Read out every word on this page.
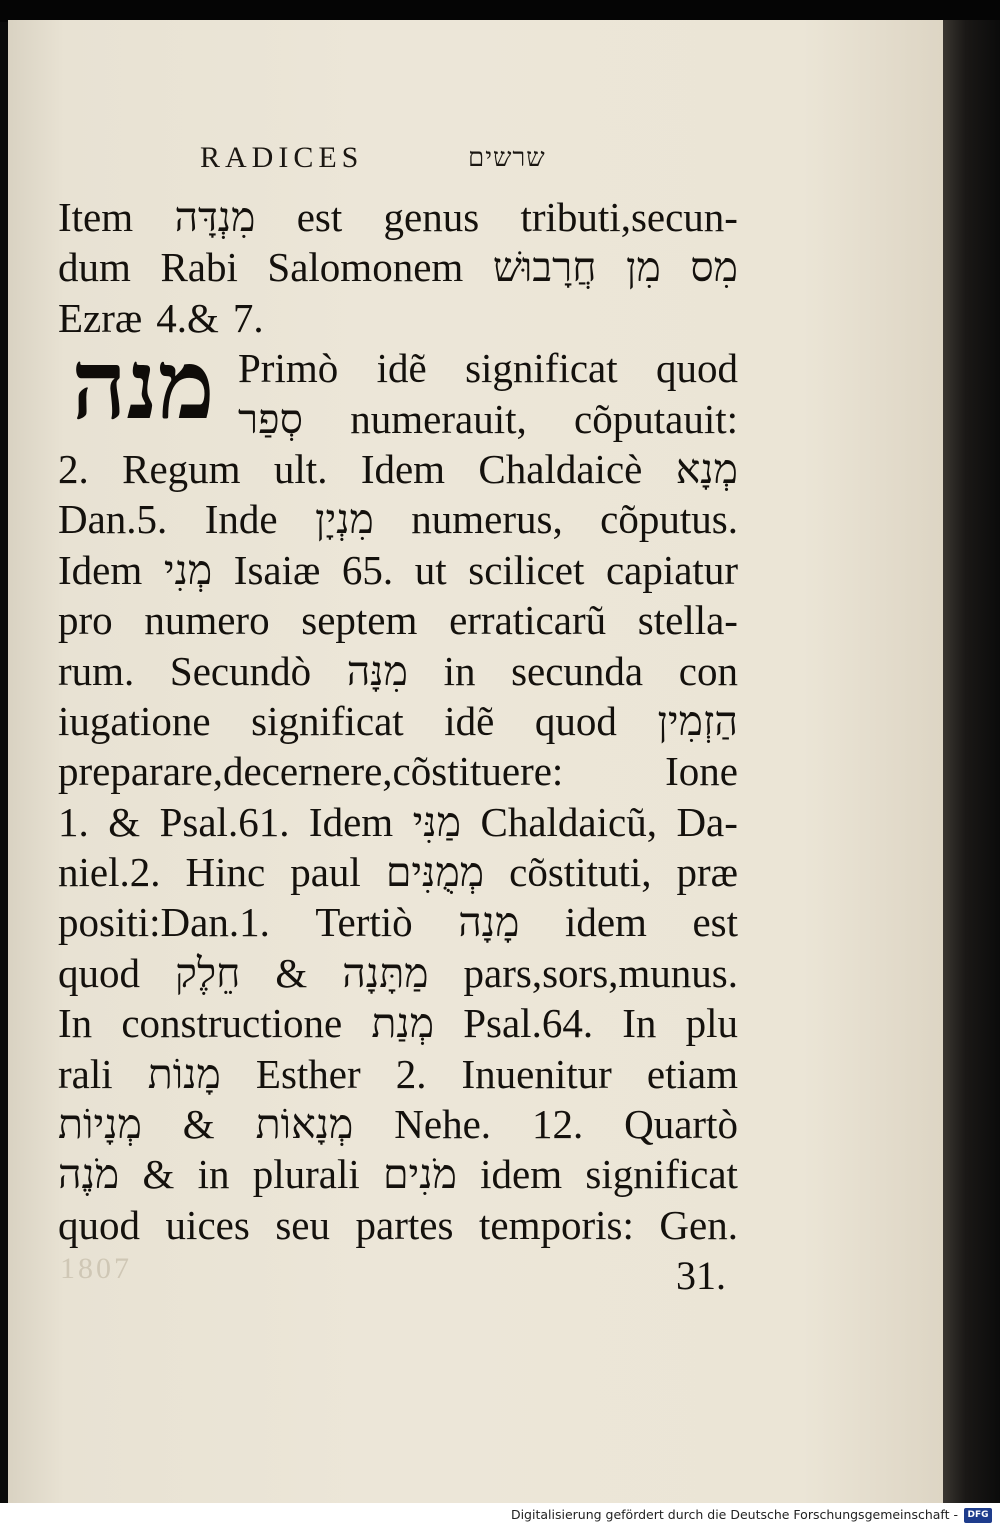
RADICES	שרשים
מנה
Item מִנְדָּה est genus tributi,secun-
dum Rabi Salomonem חֲרָבוּשׁ מִן מִס
Ezræ 4.& 7.
Primò idẽ significat quod
סְפַר numerauit, cõputauit:
2. Regum ult. Idem Chaldaicè מְנָא
Dan.5. Inde מִנְיָן numerus, cõputus.
Idem מְנִי Isaiæ 65. ut scilicet capiatur
pro numero septem erraticarũ stella-
rum. Secundò מִנָּה in secunda con
iugatione significat idẽ quod הַזְמִין
preparare,decernere,cõstituere: Ione
1. & Psal.61. Idem מַנִּי Chaldaicũ, Da-
niel.2. Hinc paul מְמֻנִּים cõstituti, præ
positi:Dan.1. Tertiò מָנָה idem est
quod חֵלֶק & מַתָּנָה pars,sors,munus.
In constructione מְנַת Psal.64. In plu
rali מָנוֹת Esther 2. Inuenitur etiam
מְנָיוֹת & מְנָאוֹת Nehe. 12. Quartò
מֹנֶה & in plurali מֹנִים idem significat
quod uices seu partes temporis: Gen.
1807	31.
Digitalisierung gefördert durch die Deutsche Forschungsgemeinschaft -	DFG
